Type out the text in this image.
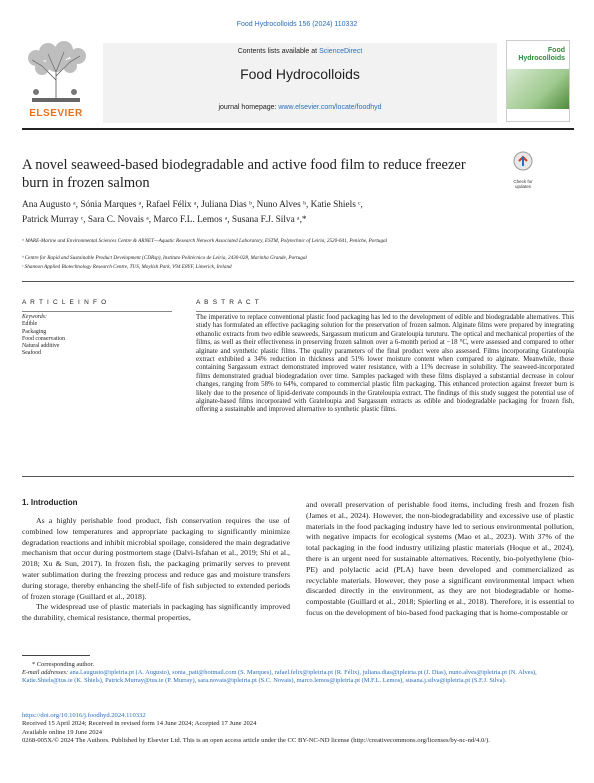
Food Hydrocolloids 156 (2024) 110332
ELSEVIER
Contents lists available at ScienceDirect
Food Hydrocolloids
journal homepage: www.elsevier.com/locate/foodhyd
Food
Hydrocolloids
A novel seaweed-based biodegradable and active food film to reduce freezer burn in frozen salmon	Check for
updates
Ana Augusto ᵃ, Sónia Marques ᵃ, Rafael Félix ᵃ, Juliana Dias ᵇ, Nuno Alves ᵇ, Katie Shiels ᶜ,
Patrick Murray ᶜ, Sara C. Novais ᵃ, Marco F.L. Lemos ᵃ, Susana F.J. Silva ᵃ,*
ᵃ MARE-Marine and Environmental Sciences Centre & ARNET—Aquatic Research Network Associated Laboratory, ESTM, Polytechnic of Leiria, 2520-641, Peniche, Portugal
ᵇ Centre for Rapid and Sustainable Product Development (CDRsp), Instituto Politécnico de Leiria, 2430-028, Marinha Grande, Portugal
ᶜ Shannon Applied Biotechnology Research Centre, TUS, Moylish Park, V94 E8YF, Limerick, Ireland
A R T I C L E I N F O	A B S T R A C T
Keywords:
Edible
Packaging
Food conservation
Natural additive
Seafood
The imperative to replace conventional plastic food packaging has led to the development of edible and biodegradable alternatives. This study has formulated an effective packaging solution for the preservation of frozen salmon. Alginate films were prepared by integrating ethanolic extracts from two edible seaweeds, Sargassum muticum and Grateloupia turuturu. The optical and mechanical properties of the films, as well as their effectiveness in preserving frozen salmon over a 6-month period at −18 °C, were assessed and compared to other alginate and synthetic plastic films. The quality parameters of the final product were also assessed. Films incorporating Grateloupia extract exhibited a 34% reduction in thickness and 51% lower moisture content when compared to alginate. Meanwhile, those containing Sargassum extract demonstrated improved water resistance, with a 11% decrease in solubility. The seaweed-incorporated films demonstrated gradual biodegradation over time. Samples packaged with these films displayed a substantial decrease in colour changes, ranging from 58% to 64%, compared to commercial plastic film packaging. This enhanced protection against freezer burn is likely due to the presence of lipid-derivate compounds in the Grateloupia extract. The findings of this study suggest the potential use of alginate-based films incorporated with Grateloupia and Sargassum extracts as edible and biodegradable packaging for frozen fish, offering a sustainable and improved alternative to synthetic plastic films.
1. Introduction
As a highly perishable food product, fish conservation requires the use of combined low temperatures and appropriate packaging to significantly minimize degradation reactions and inhibit microbial spoilage, considered the main degradative mechanism that occur during postmortem stage (Dalvi-Isfahan et al., 2019; Shi et al., 2018; Xu & Sun, 2017). In frozen fish, the packaging primarily serves to prevent water sublimation during the freezing process and reduce gas and moisture transfers during storage, thereby enhancing the shelf-life of fish subjected to extended periods of frozen storage (Guillard et al., 2018).
The widespread use of plastic materials in packaging has significantly improved the durability, chemical resistance, thermal properties,
and overall preservation of perishable food items, including fresh and frozen fish (James et al., 2024). However, the non-biodegradability and excessive use of plastic materials in the food packaging industry have led to serious environmental pollution, with negative impacts for ecological systems (Mao et al., 2023). With 37% of the total packaging in the food industry utilizing plastic materials (Hoque et al., 2024), there is an urgent need for sustainable alternatives. Recently, bio-polyethylene (bio-PE) and polylactic acid (PLA) have been developed and commercialized as recyclable materials. However, they pose a significant environmental impact when discarded directly in the environment, as they are not biodegradable or home-compostable (Guillard et al., 2018; Spierling et al., 2018). Therefore, it is essential to focus on the development of bio-based food packaging that is home-compostable or
* Corresponding author.
E-mail addresses: ana.l.augusto@ipleiria.pt (A. Augusto), sonia_pati@hotmail.com (S. Marques), rafael.felix@ipleiria.pt (R. Félix), juliana.dias@ipleiria.pt (J. Dias), nuno.alves@ipleiria.pt (N. Alves), Katie.Shiels@tus.ie (K. Shiels), Patrick.Murray@tus.ie (P. Murray), sara.novais@ipleiria.pt (S.C. Novais), marco.lemos@ipleiria.pt (M.F.L. Lemos), susana.j.silva@ipleiria.pt (S.F.J. Silva).
https://doi.org/10.1016/j.foodhyd.2024.110332
Received 15 April 2024; Received in revised form 14 June 2024; Accepted 17 June 2024
Available online 19 June 2024
0268-005X/© 2024 The Authors. Published by Elsevier Ltd. This is an open access article under the CC BY-NC-ND license (http://creativecommons.org/licenses/by-nc-nd/4.0/).
